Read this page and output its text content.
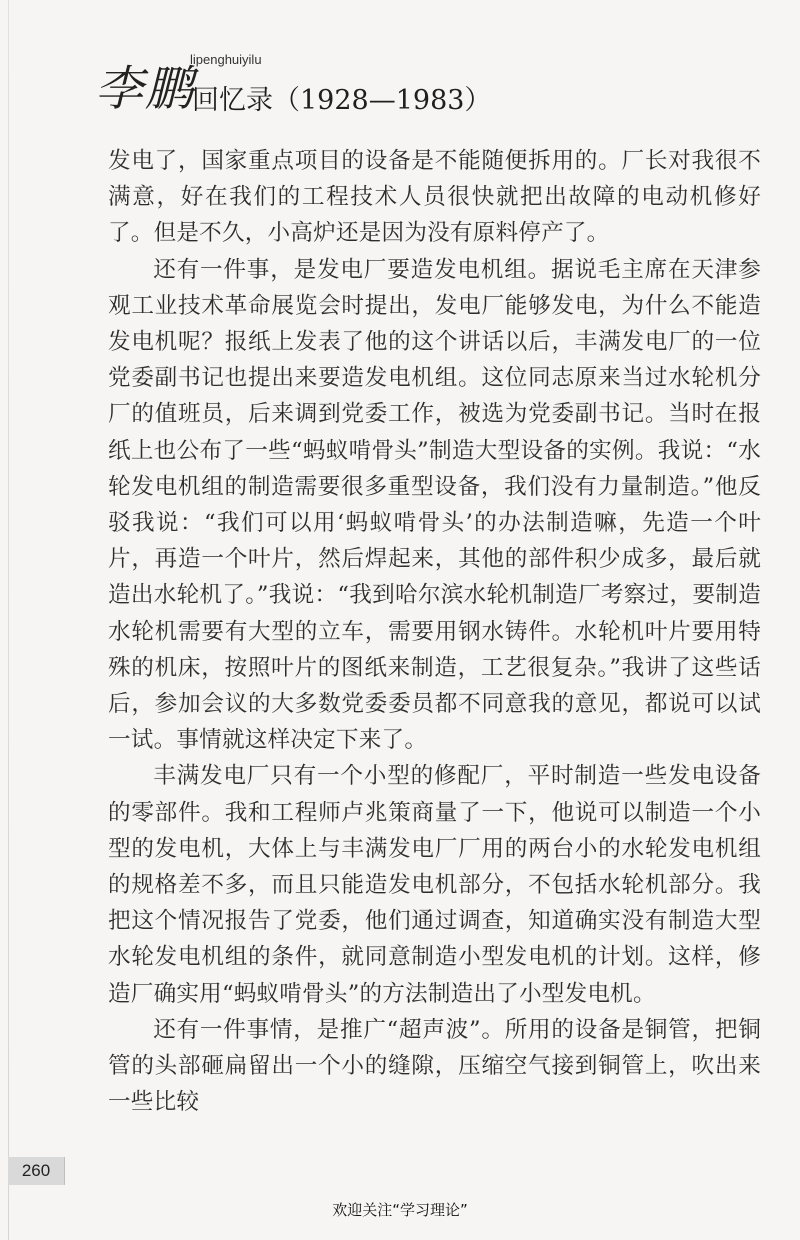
李鹏
lipenghuiyilu
回忆录（1928—1983）

发电了，国家重点项目的设备是不能随便拆用的。厂长对我很不满意，好在我们的工程技术人员很快就把出故障的电动机修好了。但是不久，小高炉还是因为没有原料停产了。

还有一件事，是发电厂要造发电机组。据说毛主席在天津参观工业技术革命展览会时提出，发电厂能够发电，为什么不能造发电机呢？报纸上发表了他的这个讲话以后，丰满发电厂的一位党委副书记也提出来要造发电机组。这位同志原来当过水轮机分厂的值班员，后来调到党委工作，被选为党委副书记。当时在报纸上也公布了一些“蚂蚁啃骨头”制造大型设备的实例。我说：“水轮发电机组的制造需要很多重型设备，我们没有力量制造。”他反驳我说：“我们可以用‘蚂蚁啃骨头’的办法制造嘛，先造一个叶片，再造一个叶片，然后焊起来，其他的部件积少成多，最后就造出水轮机了。”我说：“我到哈尔滨水轮机制造厂考察过，要制造水轮机需要有大型的立车，需要用钢水铸件。水轮机叶片要用特殊的机床，按照叶片的图纸来制造，工艺很复杂。”我讲了这些话后，参加会议的大多数党委委员都不同意我的意见，都说可以试一试。事情就这样决定下来了。

丰满发电厂只有一个小型的修配厂，平时制造一些发电设备的零部件。我和工程师卢兆策商量了一下，他说可以制造一个小型的发电机，大体上与丰满发电厂厂用的两台小的水轮发电机组的规格差不多，而且只能造发电机部分，不包括水轮机部分。我把这个情况报告了党委，他们通过调查，知道确实没有制造大型水轮发电机组的条件，就同意制造小型发电机的计划。这样，修造厂确实用“蚂蚁啃骨头”的方法制造出了小型发电机。

还有一件事情，是推广“超声波”。所用的设备是铜管，把铜管的头部砸扁留出一个小的缝隙，压缩空气接到铜管上，吹出来一些比较

260
欢迎关注“学习理论”
